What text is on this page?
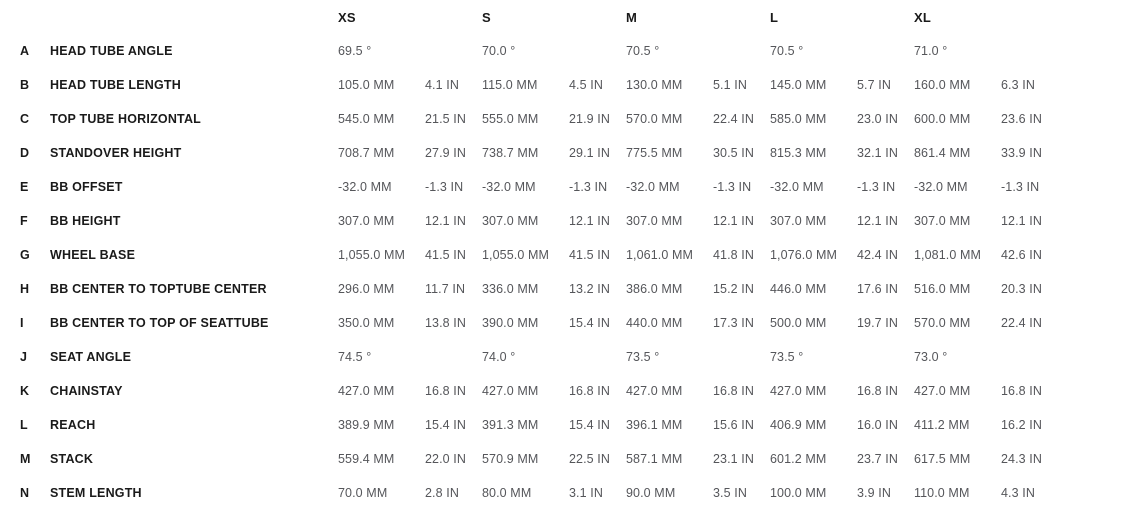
XS	S	M	L	XL
A	HEAD TUBE ANGLE	69.5 °	70.0 °	70.5 °	70.5 °	71.0 °
B	HEAD TUBE LENGTH	105.0 MM	4.1 IN	115.0 MM	4.5 IN	130.0 MM	5.1 IN	145.0 MM	5.7 IN	160.0 MM	6.3 IN
C	TOP TUBE HORIZONTAL	545.0 MM	21.5 IN	555.0 MM	21.9 IN	570.0 MM	22.4 IN	585.0 MM	23.0 IN	600.0 MM	23.6 IN
D	STANDOVER HEIGHT	708.7 MM	27.9 IN	738.7 MM	29.1 IN	775.5 MM	30.5 IN	815.3 MM	32.1 IN	861.4 MM	33.9 IN
E	BB OFFSET	-32.0 MM	-1.3 IN	-32.0 MM	-1.3 IN	-32.0 MM	-1.3 IN	-32.0 MM	-1.3 IN	-32.0 MM	-1.3 IN
F	BB HEIGHT	307.0 MM	12.1 IN	307.0 MM	12.1 IN	307.0 MM	12.1 IN	307.0 MM	12.1 IN	307.0 MM	12.1 IN
G	WHEEL BASE	1,055.0 MM	41.5 IN	1,055.0 MM	41.5 IN	1,061.0 MM	41.8 IN	1,076.0 MM	42.4 IN	1,081.0 MM	42.6 IN
H	BB CENTER TO TOPTUBE CENTER	296.0 MM	11.7 IN	336.0 MM	13.2 IN	386.0 MM	15.2 IN	446.0 MM	17.6 IN	516.0 MM	20.3 IN
I	BB CENTER TO TOP OF SEATTUBE	350.0 MM	13.8 IN	390.0 MM	15.4 IN	440.0 MM	17.3 IN	500.0 MM	19.7 IN	570.0 MM	22.4 IN
J	SEAT ANGLE	74.5 °	74.0 °	73.5 °	73.5 °	73.0 °
K	CHAINSTAY	427.0 MM	16.8 IN	427.0 MM	16.8 IN	427.0 MM	16.8 IN	427.0 MM	16.8 IN	427.0 MM	16.8 IN
L	REACH	389.9 MM	15.4 IN	391.3 MM	15.4 IN	396.1 MM	15.6 IN	406.9 MM	16.0 IN	411.2 MM	16.2 IN
M	STACK	559.4 MM	22.0 IN	570.9 MM	22.5 IN	587.1 MM	23.1 IN	601.2 MM	23.7 IN	617.5 MM	24.3 IN
N	STEM LENGTH	70.0 MM	2.8 IN	80.0 MM	3.1 IN	90.0 MM	3.5 IN	100.0 MM	3.9 IN	110.0 MM	4.3 IN
